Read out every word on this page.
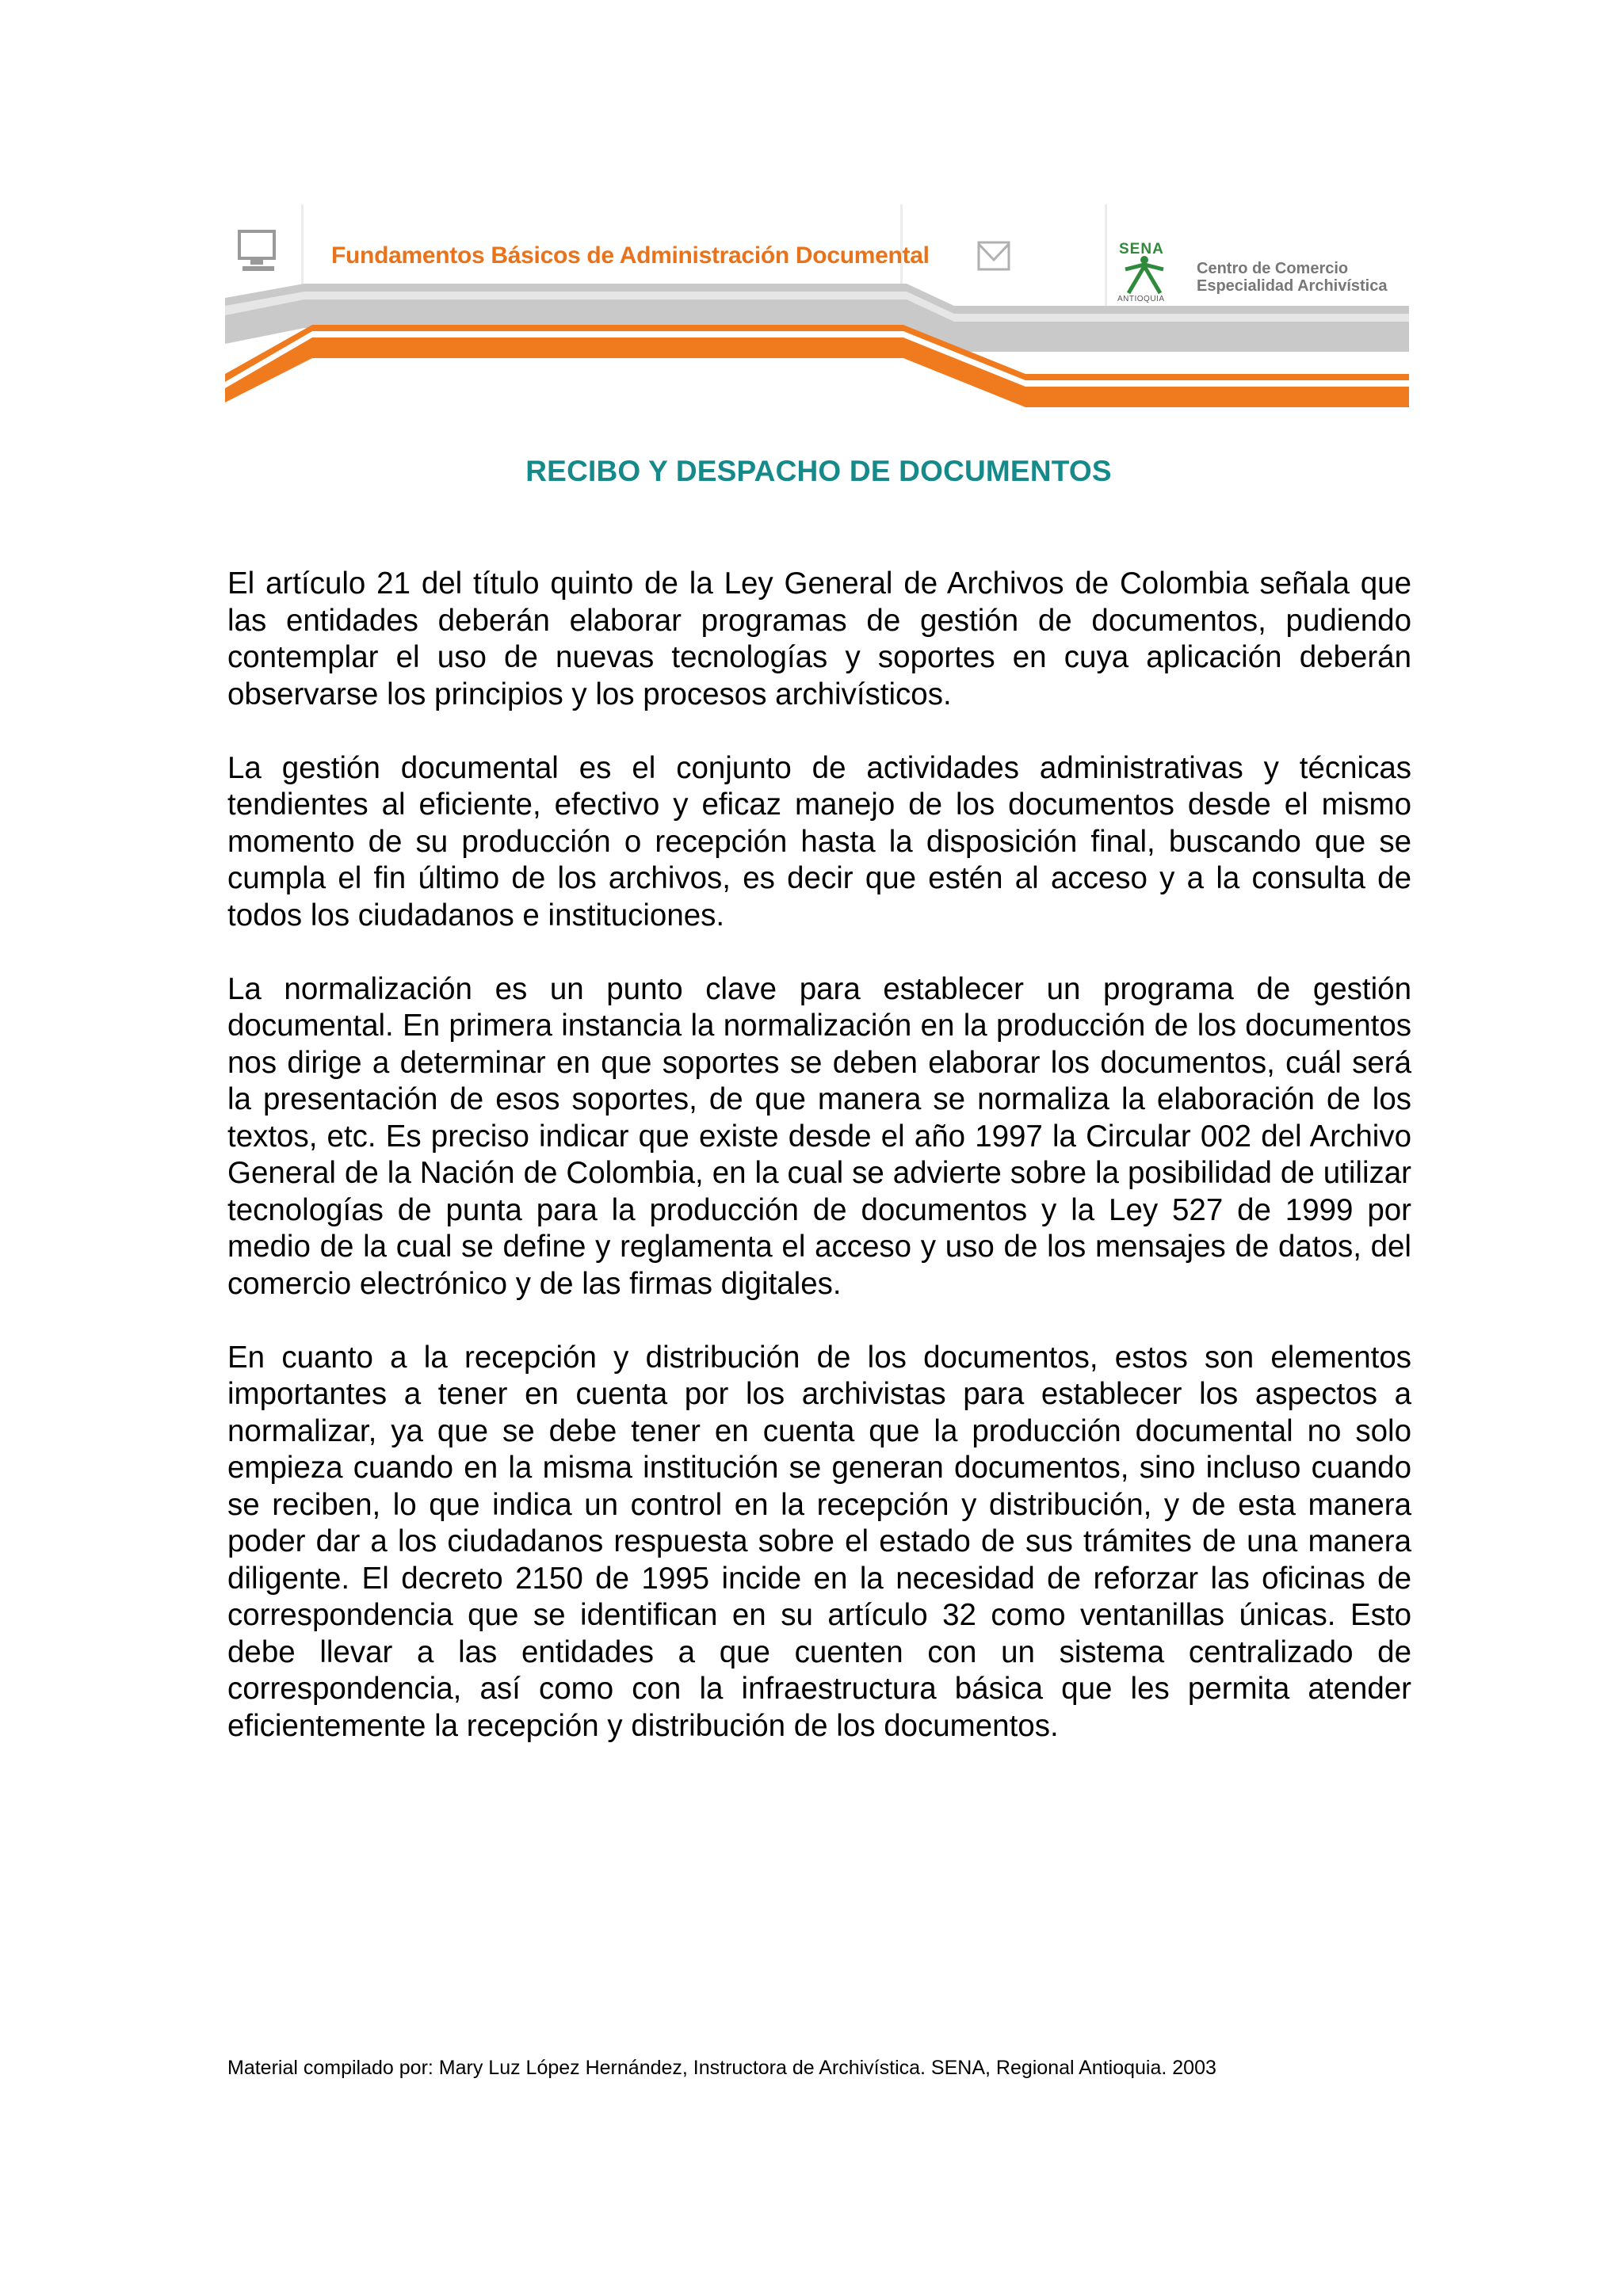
Fundamentos Básicos de Administración Documental	SENA
ANTIOQUIA
Centro de Comercio
Especialidad Archivística
RECIBO Y DESPACHO DE DOCUMENTOS

El artículo 21 del título quinto de la Ley General de Archivos de Colombia señala que las entidades deberán elaborar programas de gestión de documentos, pudiendo contemplar el uso de nuevas tecnologías y soportes en cuya aplicación deberán observarse los principios y los procesos archivísticos.

La gestión documental es el conjunto de actividades administrativas y técnicas tendientes al eficiente, efectivo y eficaz manejo de los documentos desde el mismo momento de su producción o recepción hasta la disposición final, buscando que se cumpla el fin último de los archivos, es decir que estén al acceso y a la consulta de todos los ciudadanos e instituciones.

La normalización es un punto clave para establecer un programa de gestión documental. En primera instancia la normalización en la producción de los documentos nos dirige a determinar en que soportes se deben elaborar los documentos, cuál será la presentación de esos soportes, de que manera se normaliza la elaboración de los textos, etc. Es preciso indicar que existe desde el año 1997 la Circular 002 del Archivo General de la Nación de Colombia, en la cual se advierte sobre la posibilidad de utilizar tecnologías de punta para la producción de documentos y la Ley 527 de 1999 por medio de la cual se define y reglamenta el acceso y uso de los mensajes de datos, del comercio electrónico y de las firmas digitales.

En cuanto a la recepción y distribución de los documentos, estos son elementos importantes a tener en cuenta por los archivistas para establecer los aspectos a normalizar, ya que se debe tener en cuenta que la producción documental no solo empieza cuando en la misma institución se generan documentos, sino incluso cuando se reciben, lo que indica un control en la recepción y distribución, y de esta manera poder dar a los ciudadanos respuesta sobre el estado de sus trámites de una manera diligente. El decreto 2150 de 1995 incide en la necesidad de reforzar las oficinas de correspondencia que se identifican en su artículo 32 como ventanillas únicas. Esto debe llevar a las entidades a que cuenten con un sistema centralizado de correspondencia, así como con la infraestructura básica que les permita atender eficientemente la recepción y distribución de los documentos.

Material compilado por: Mary Luz López Hernández, Instructora de Archivística. SENA, Regional Antioquia. 2003
